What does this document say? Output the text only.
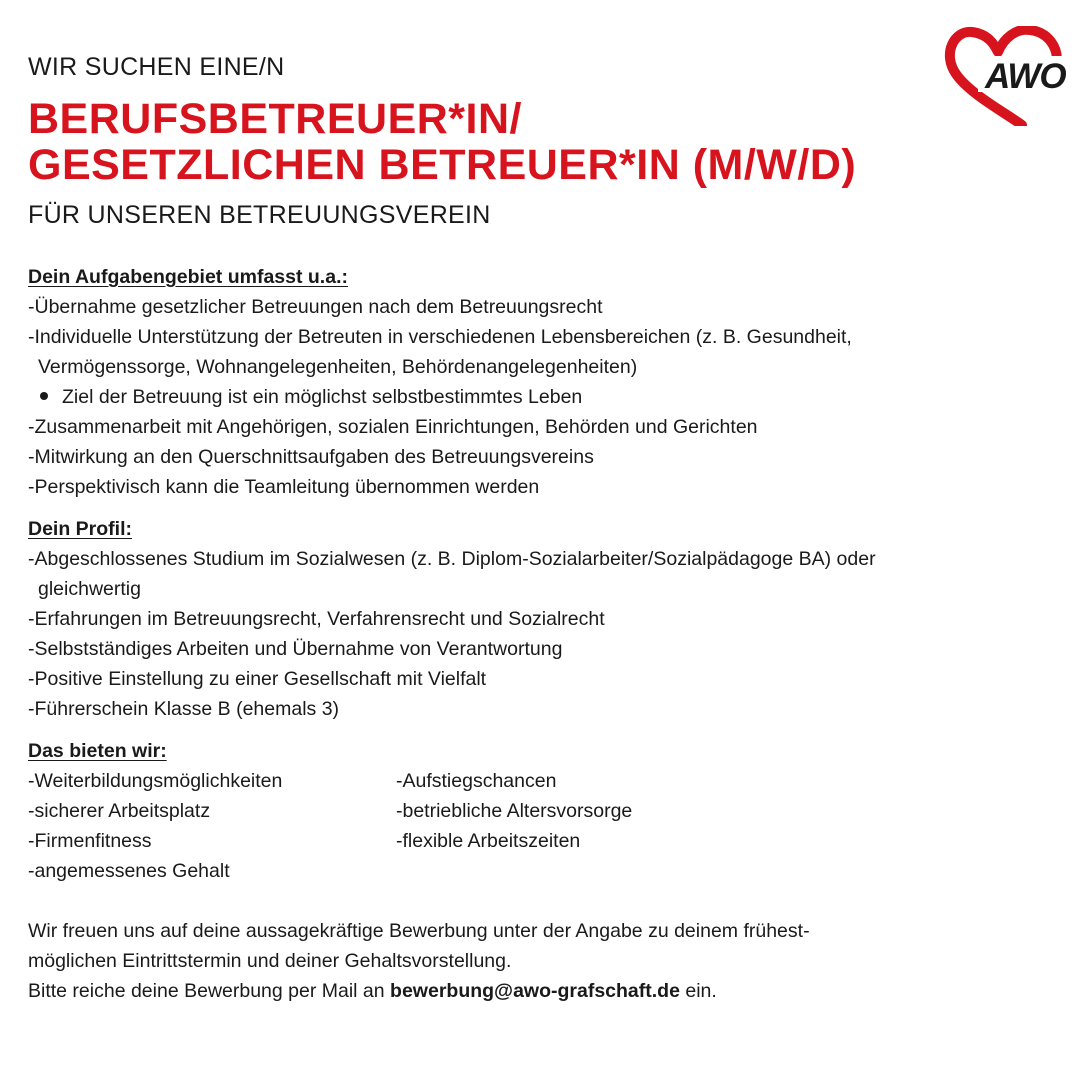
WIR SUCHEN EINE/N
BERUFSBETREUER*IN/
GESETZLICHEN BETREUER*IN (M/W/D)
FÜR UNSEREN BETREUUNGSVEREIN
Dein Aufgabengebiet umfasst u.a.:
-Übernahme gesetzlicher Betreuungen nach dem Betreuungsrecht
-Individuelle Unterstützung der Betreuten in verschiedenen Lebensbereichen (z. B. Gesundheit,
Vermögenssorge, Wohnangelegenheiten, Behördenangelegenheiten)
Ziel der Betreuung ist ein möglichst selbstbestimmtes Leben
-Zusammenarbeit mit Angehörigen, sozialen Einrichtungen, Behörden und Gerichten
-Mitwirkung an den Querschnittsaufgaben des Betreuungsvereins
-Perspektivisch kann die Teamleitung übernommen werden
Dein Profil:
-Abgeschlossenes Studium im Sozialwesen (z. B. Diplom-Sozialarbeiter/Sozialpädagoge BA) oder
gleichwertig
-Erfahrungen im Betreuungsrecht, Verfahrensrecht und Sozialrecht
-Selbstständiges Arbeiten und Übernahme von Verantwortung
-Positive Einstellung zu einer Gesellschaft mit Vielfalt
-Führerschein Klasse B (ehemals 3)
Das bieten wir:
-Weiterbildungsmöglichkeiten	-Aufstiegschancen
-sicherer Arbeitsplatz	-betriebliche Altersvorsorge
-Firmenfitness	-flexible Arbeitszeiten
-angemessenes Gehalt
Wir freuen uns auf deine aussagekräftige Bewerbung unter der Angabe zu deinem frühest-
möglichen Eintrittstermin und deiner Gehaltsvorstellung.
Bitte reiche deine Bewerbung per Mail an bewerbung@awo-grafschaft.de ein.
AWO
